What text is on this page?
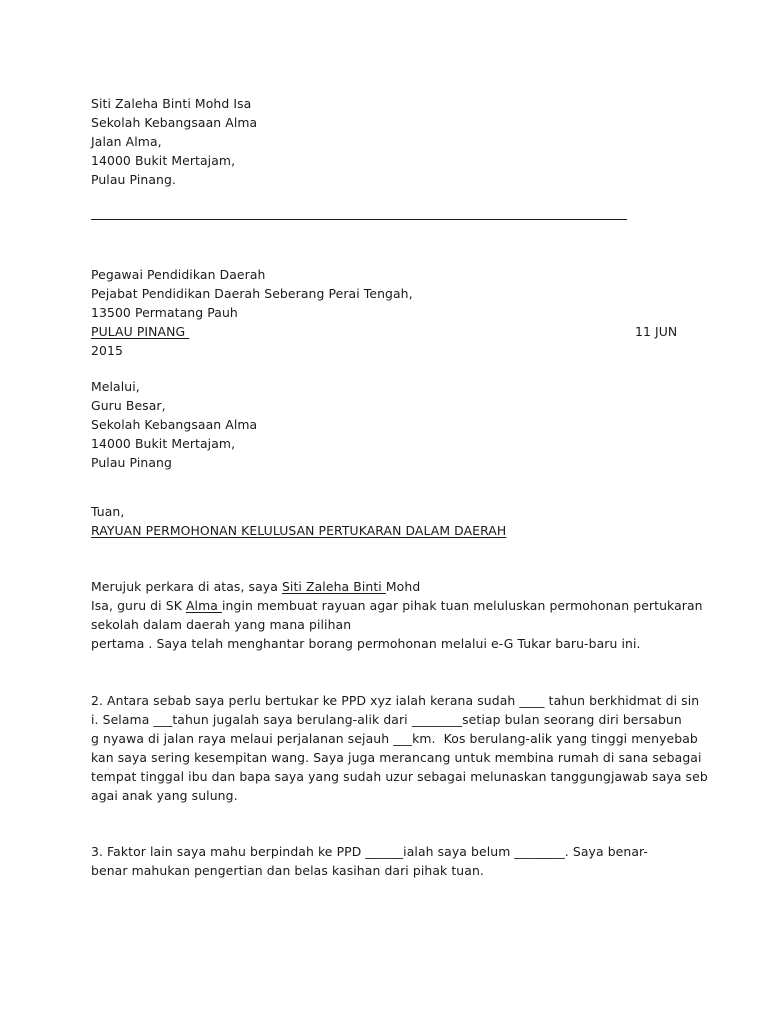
Siti Zaleha Binti Mohd Isa
Sekolah Kebangsaan Alma
Jalan Alma,
14000 Bukit Mertajam,
Pulau Pinang.
Pegawai Pendidikan Daerah
Pejabat Pendidikan Daerah Seberang Perai Tengah,
13500 Permatang Pauh
PULAU PINANG
2015
11 JUN
Melalui,
Guru Besar,
Sekolah Kebangsaan Alma
14000 Bukit Mertajam,
Pulau Pinang
Tuan,
RAYUAN PERMOHONAN KELULUSAN PERTUKARAN DALAM DAERAH
Merujuk perkara di atas, saya Siti Zaleha Binti Mohd
Isa, guru di SK Alma ingin membuat rayuan agar pihak tuan meluluskan permohonan pertukaran
sekolah dalam daerah yang mana pilihan
pertama . Saya telah menghantar borang permohonan melalui e-G Tukar baru-baru ini.
2. Antara sebab saya perlu bertukar ke PPD xyz ialah kerana sudah ____ tahun berkhidmat di sin
i. Selama ___tahun jugalah saya berulang-alik dari ________setiap bulan seorang diri bersabun
g nyawa di jalan raya melaui perjalanan sejauh ___km.  Kos berulang-alik yang tinggi menyebab
kan saya sering kesempitan wang. Saya juga merancang untuk membina rumah di sana sebagai
tempat tinggal ibu dan bapa saya yang sudah uzur sebagai melunaskan tanggungjawab saya seb
agai anak yang sulung.
3. Faktor lain saya mahu berpindah ke PPD ______ialah saya belum ________. Saya benar-
benar mahukan pengertian dan belas kasihan dari pihak tuan.
